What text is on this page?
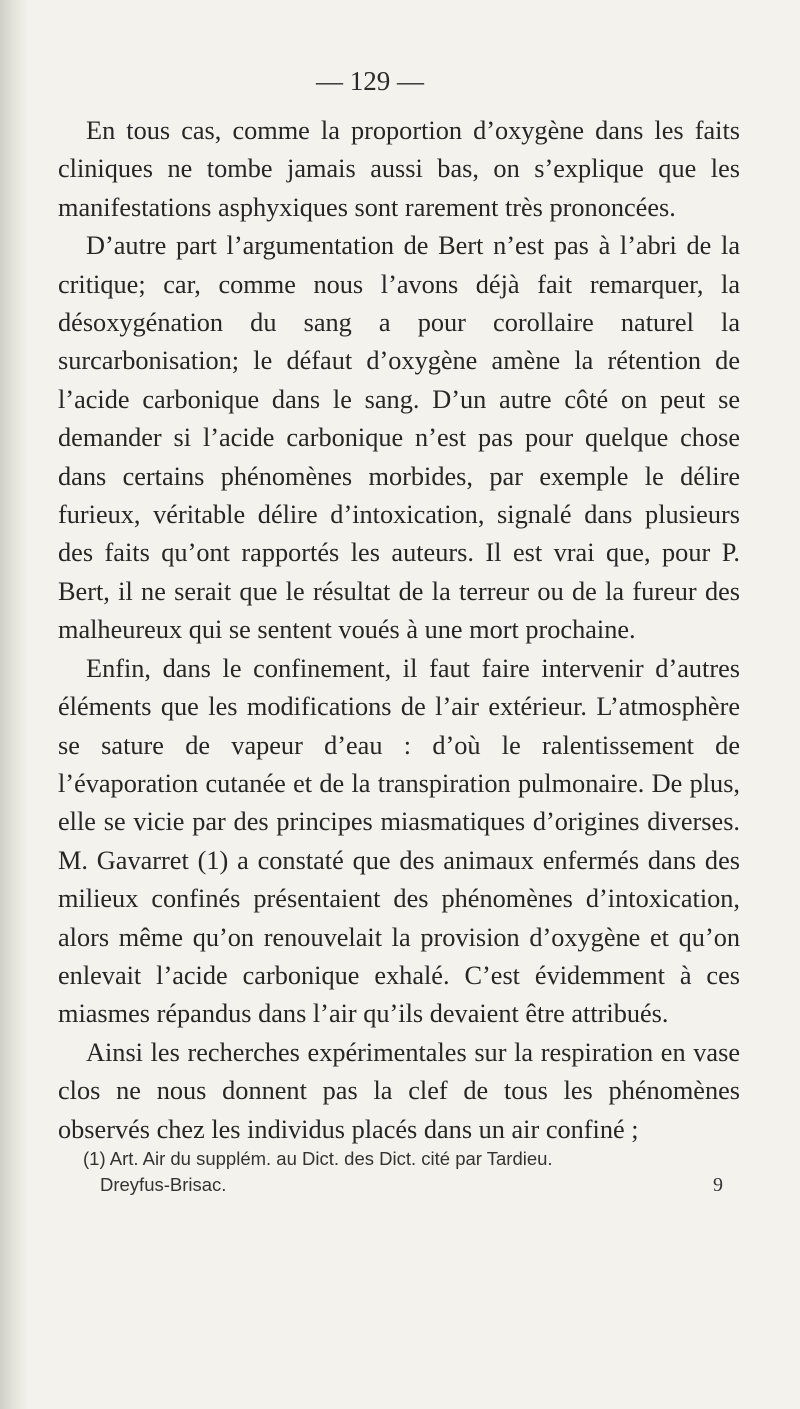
— 129 —

En tous cas, comme la proportion d’oxygène dans les faits cliniques ne tombe jamais aussi bas, on s’explique que les manifestations asphyxiques sont rarement très prononcées.

D’autre part l’argumentation de Bert n’est pas à l’abri de la critique; car, comme nous l’avons déjà fait remarquer, la désoxygénation du sang a pour corollaire naturel la surcarbonisation; le défaut d’oxygène amène la rétention de l’acide carbonique dans le sang. D’un autre côté on peut se demander si l’acide carbonique n’est pas pour quelque chose dans certains phénomènes morbides, par exemple le délire furieux, véritable délire d’intoxication, signalé dans plusieurs des faits qu’ont rapportés les auteurs. Il est vrai que, pour P. Bert, il ne serait que le résultat de la terreur ou de la fureur des malheureux qui se sentent voués à une mort prochaine.

Enfin, dans le confinement, il faut faire intervenir d’autres éléments que les modifications de l’air extérieur. L’atmosphère se sature de vapeur d’eau : d’où le ralentissement de l’évaporation cutanée et de la transpiration pulmonaire. De plus, elle se vicie par des principes miasmatiques d’origines diverses. M. Gavarret (1) a constaté que des animaux enfermés dans des milieux confinés présentaient des phénomènes d’intoxication, alors même qu’on renouvelait la provision d’oxygène et qu’on enlevait l’acide carbonique exhalé. C’est évidemment à ces miasmes répandus dans l’air qu’ils devaient être attribués.

Ainsi les recherches expérimentales sur la respiration en vase clos ne nous donnent pas la clef de tous les phénomènes observés chez les individus placés dans un air confiné ;

(1) Art. Air du supplém. au Dict. des Dict. cité par Tardieu.
Dreyfus-Brisac.	9
